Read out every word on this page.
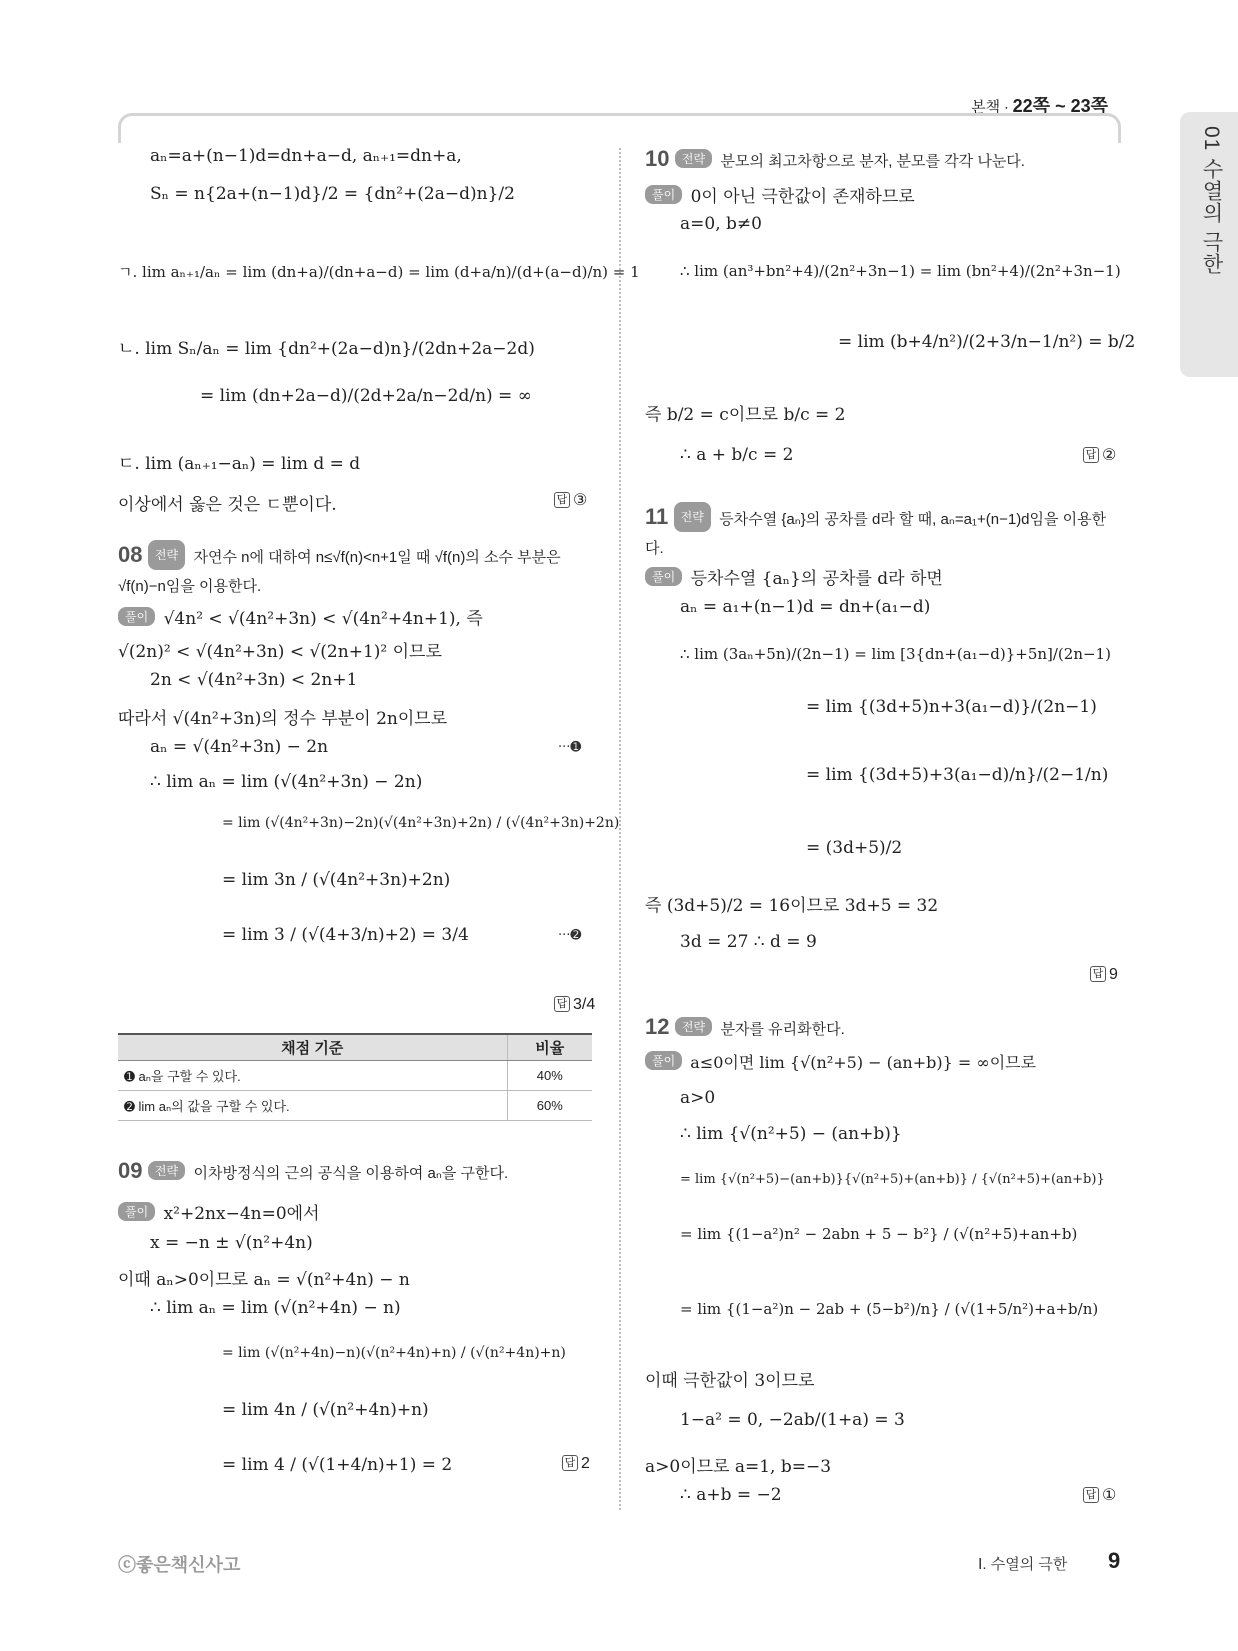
본책 ∙ 22쪽 ~ 23쪽
01 수열의 극한
aₙ=a+(n−1)d=dn+a−d, aₙ₊₁=dn+a,
Sₙ = n{2a+(n−1)d}/2 = {dn²+(2a−d)n}/2
ㄱ. lim aₙ₊₁/aₙ = lim (dn+a)/(dn+a−d) = lim (d+a/n)/(d+(a−d)/n) = 1
ㄴ. lim Sₙ/aₙ = lim {dn²+(2a−d)n}/(2dn+2a−2d)
= lim (dn+2a−d)/(2d+2a/n−2d/n) = ∞
ㄷ. lim (aₙ₊₁−aₙ) = lim d = d
이상에서 옳은 것은 ㄷ뿐이다.	답 ③
08 전략 자연수 n에 대하여 n≤√f(n)<n+1일 때 √f(n)의 소수 부분은 √f(n)−n임을 이용한다.
풀이 √4n² < √(4n²+3n) < √(4n²+4n+1), 즉
√(2n)² < √(4n²+3n) < √(2n+1)² 이므로
2n < √(4n²+3n) < 2n+1
따라서 √(4n²+3n)의 정수 부분이 2n이므로
aₙ = √(4n²+3n) − 2n	···➊
∴ lim aₙ = lim (√(4n²+3n) − 2n)
= lim (√(4n²+3n)−2n)(√(4n²+3n)+2n) / (√(4n²+3n)+2n)
= lim 3n / (√(4n²+3n)+2n)
= lim 3 / (√(4+3/n)+2) = 3/4	···➋
답 3/4
채점 기준	비율
➊ aₙ을 구할 수 있다.	40%
➋ lim aₙ의 값을 구할 수 있다.	60%
09 전략 이차방정식의 근의 공식을 이용하여 aₙ을 구한다.
풀이 x²+2nx−4n=0에서
x = −n ± √(n²+4n)
이때 aₙ>0이므로 aₙ = √(n²+4n) − n
∴ lim aₙ = lim (√(n²+4n) − n)
= lim (√(n²+4n)−n)(√(n²+4n)+n) / (√(n²+4n)+n)
= lim 4n / (√(n²+4n)+n)
= lim 4 / (√(1+4/n)+1) = 2	답 2
10 전략 분모의 최고차항으로 분자, 분모를 각각 나눈다.
풀이 0이 아닌 극한값이 존재하므로
a=0, b≠0
∴ lim (an³+bn²+4)/(2n²+3n−1) = lim (bn²+4)/(2n²+3n−1)
= lim (b+4/n²)/(2+3/n−1/n²) = b/2
즉 b/2 = c이므로 b/c = 2
∴ a + b/c = 2	답 ②
11 전략 등차수열 {aₙ}의 공차를 d라 할 때, aₙ=a₁+(n−1)d임을 이용한다.
풀이 등차수열 {aₙ}의 공차를 d라 하면
aₙ = a₁+(n−1)d = dn+(a₁−d)
∴ lim (3aₙ+5n)/(2n−1) = lim [3{dn+(a₁−d)}+5n]/(2n−1)
= lim {(3d+5)n+3(a₁−d)}/(2n−1)
= lim {(3d+5)+3(a₁−d)/n}/(2−1/n)
= (3d+5)/2
즉 (3d+5)/2 = 16이므로 3d+5 = 32
3d = 27 ∴ d = 9
답 9
12 전략 분자를 유리화한다.
풀이 a≤0이면 lim {√(n²+5) − (an+b)} = ∞이므로
a>0
∴ lim {√(n²+5) − (an+b)}
= lim {√(n²+5)−(an+b)}{√(n²+5)+(an+b)} / {√(n²+5)+(an+b)}
= lim {(1−a²)n² − 2abn + 5 − b²} / (√(n²+5)+an+b)
= lim {(1−a²)n − 2ab + (5−b²)/n} / (√(1+5/n²)+a+b/n)
이때 극한값이 3이므로
1−a² = 0, −2ab/(1+a) = 3
a>0이므로 a=1, b=−3
∴ a+b = −2	답 ①
ⓒ좋은책신사고	Ⅰ. 수열의 극한 9
